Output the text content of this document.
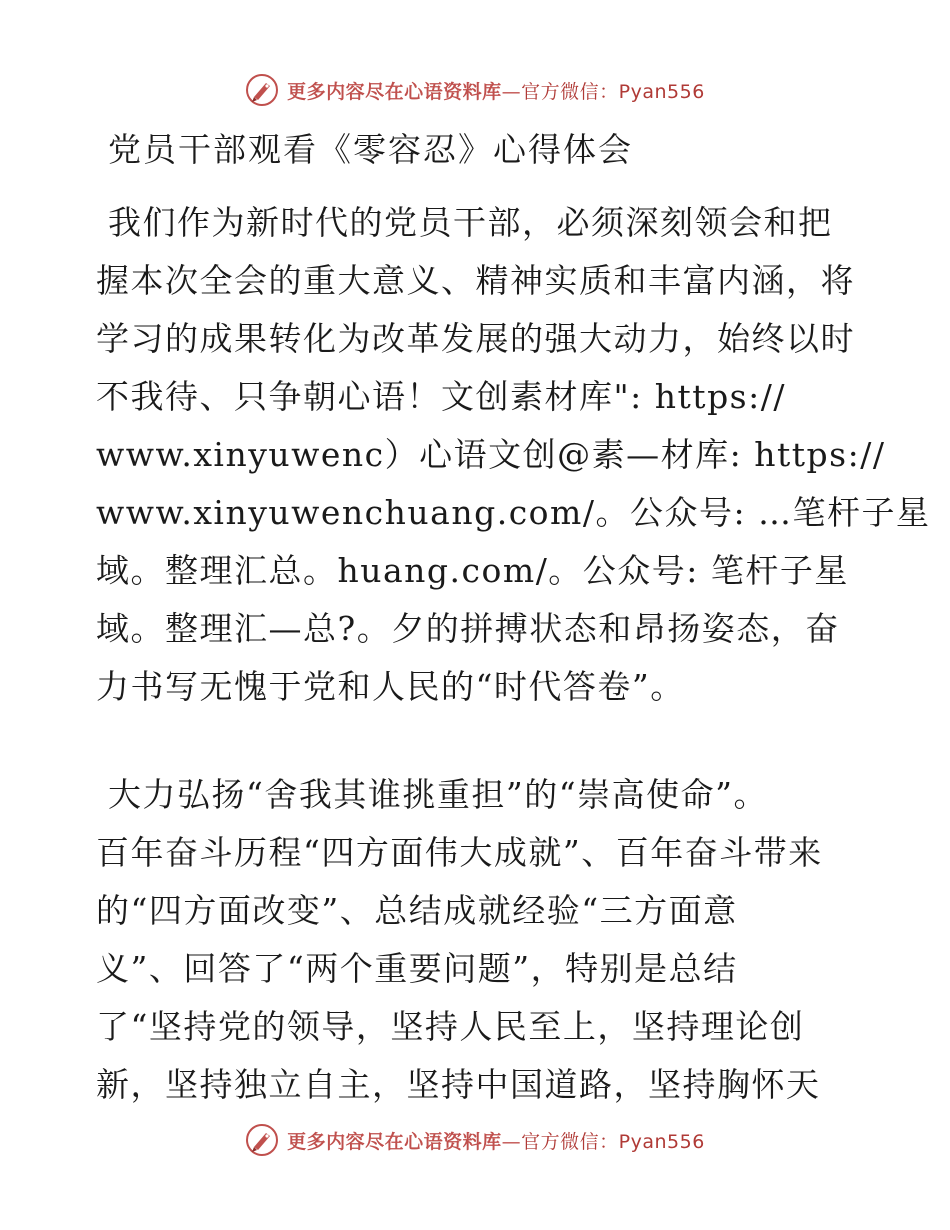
更多内容尽在心语资料库—官方微信：Pyan556
党员干部观看《零容忍》心得体会
我们作为新时代的党员干部，必须深刻领会和把
握本次全会的重大意义、精神实质和丰富内涵，将
学习的成果转化为改革发展的强大动力，始终以时
不我待、只争朝心语！文创素材库": https://
www.xinyuwenc）心语文创@素—材库: https://
www.xinyuwenchuang.com/。公众号: …笔杆子星
域。整理汇总。huang.com/。公众号: 笔杆子星
域。整理汇—总?。夕的拼搏状态和昂扬姿态，奋
力书写无愧于党和人民的“时代答卷”。
大力弘扬“舍我其谁挑重担”的“崇高使命”。
百年奋斗历程“四方面伟大成就”、百年奋斗带来
的“四方面改变”、总结成就经验“三方面意
义”、回答了“两个重要问题”，特别是总结
了“坚持党的领导，坚持人民至上，坚持理论创
新，坚持独立自主，坚持中国道路，坚持胸怀天
更多内容尽在心语资料库—官方微信：Pyan556
